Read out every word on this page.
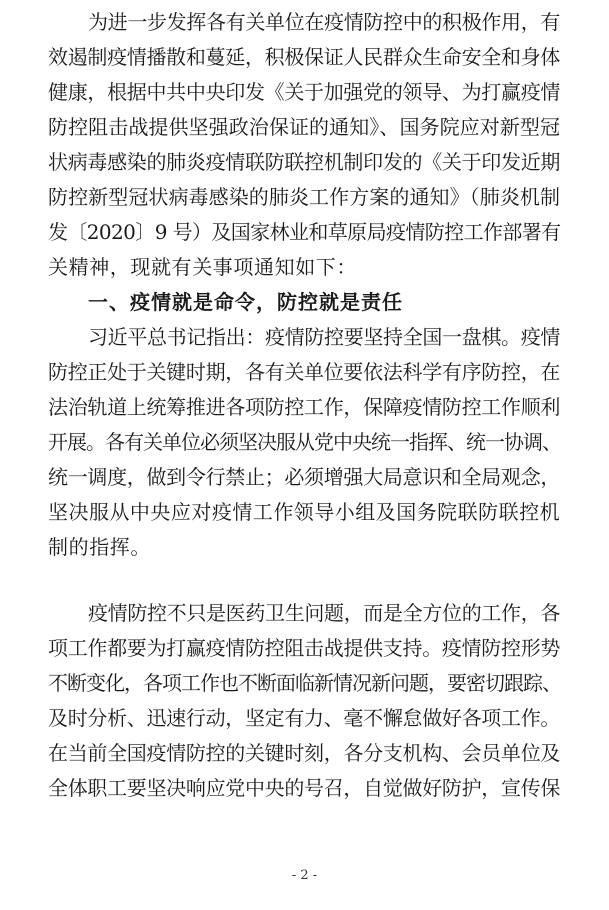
为进一步发挥各有关单位在疫情防控中的积极作用，有
效遏制疫情播散和蔓延，积极保证人民群众生命安全和身体
健康，根据中共中央印发《关于加强党的领导、为打赢疫情
防控阻击战提供坚强政治保证的通知》、国务院应对新型冠
状病毒感染的肺炎疫情联防联控机制印发的《关于印发近期
防控新型冠状病毒感染的肺炎工作方案的通知》（肺炎机制
发〔2020〕9 号）及国家林业和草原局疫情防控工作部署有
关精神，现就有关事项通知如下：
一、疫情就是命令，防控就是责任
习近平总书记指出：疫情防控要坚持全国一盘棋。疫情
防控正处于关键时期，各有关单位要依法科学有序防控，在
法治轨道上统筹推进各项防控工作，保障疫情防控工作顺利
开展。各有关单位必须坚决服从党中央统一指挥、统一协调、
统一调度，做到令行禁止；必须增强大局意识和全局观念，
坚决服从中央应对疫情工作领导小组及国务院联防联控机
制的指挥。
疫情防控不只是医药卫生问题，而是全方位的工作，各
项工作都要为打赢疫情防控阻击战提供支持。疫情防控形势
不断变化，各项工作也不断面临新情况新问题，要密切跟踪、
及时分析、迅速行动，坚定有力、毫不懈怠做好各项工作。
在当前全国疫情防控的关键时刻，各分支机构、会员单位及
全体职工要坚决响应党中央的号召，自觉做好防护，宣传保
- 2 -
